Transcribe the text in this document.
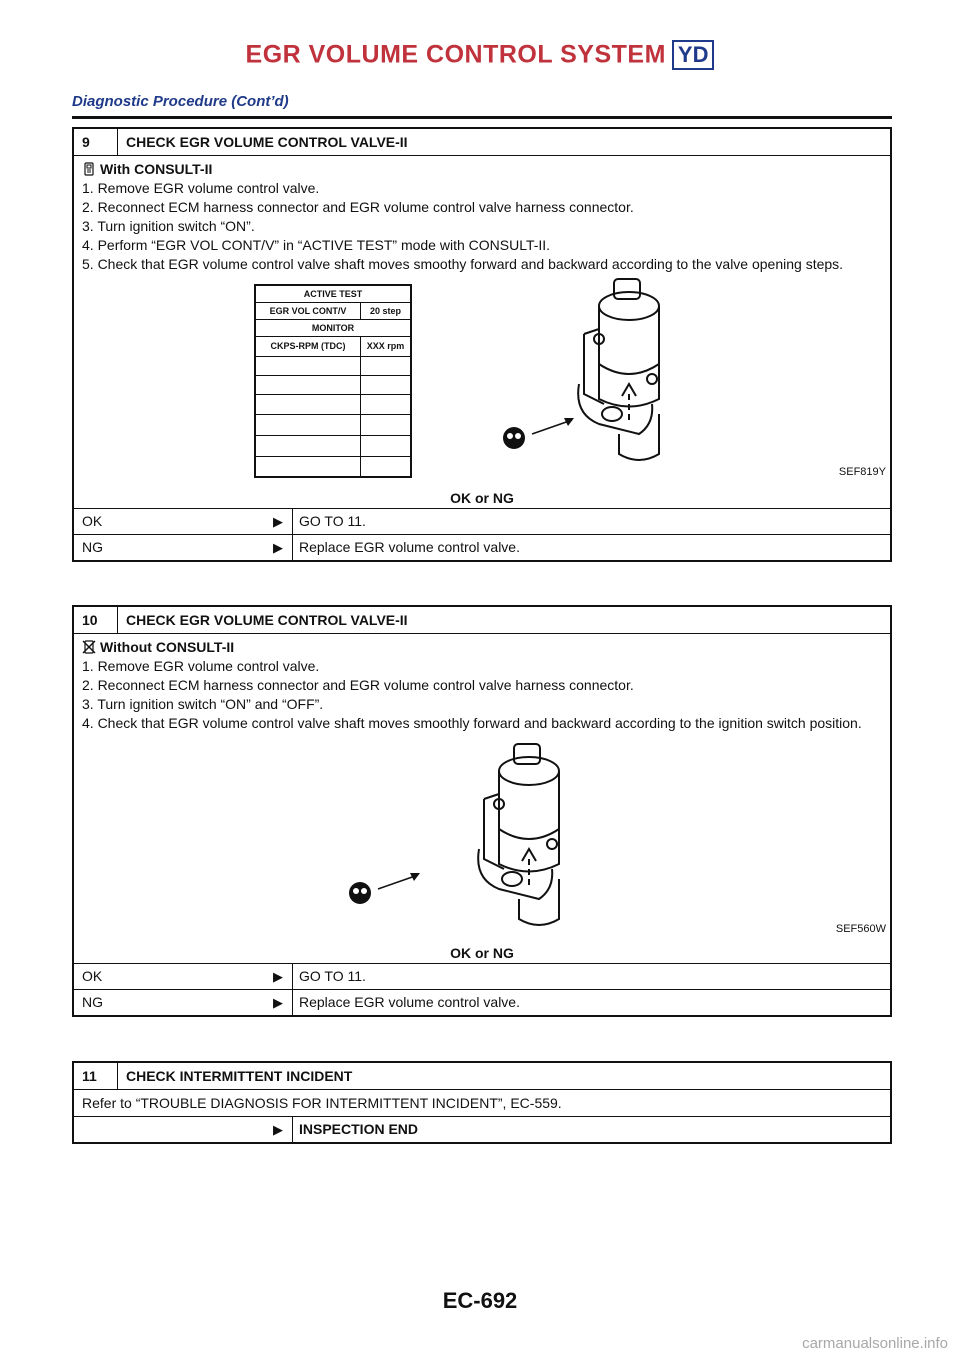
EGR VOLUME CONTROL SYSTEM YD
Diagnostic Procedure (Cont’d)
9	CHECK EGR VOLUME CONTROL VALVE-II
With CONSULT-II
1. Remove EGR volume control valve.
2. Reconnect ECM harness connector and EGR volume control valve harness connector.
3. Turn ignition switch “ON”.
4. Perform “EGR VOL CONT/V” in “ACTIVE TEST” mode with CONSULT-II.
5. Check that EGR volume control valve shaft moves smoothy forward and backward according to the valve opening steps.
ACTIVE TEST	
EGR VOL CONT/V	20 step
MONITOR	
CKPS-RPM (TDC)	XXX rpm

SEF819Y
OK or NG
OK	▶	GO TO 11.
NG	▶	Replace EGR volume control valve.
10	CHECK EGR VOLUME CONTROL VALVE-II
Without CONSULT-II
1. Remove EGR volume control valve.
2. Reconnect ECM harness connector and EGR volume control valve harness connector.
3. Turn ignition switch “ON” and “OFF”.
4. Check that EGR volume control valve shaft moves smoothly forward and backward according to the ignition switch position.
SEF560W
OK or NG
OK	▶	GO TO 11.
NG	▶	Replace EGR volume control valve.
11	CHECK INTERMITTENT INCIDENT
Refer to “TROUBLE DIAGNOSIS FOR INTERMITTENT INCIDENT”, EC-559.
▶	INSPECTION END
EC-692
carmanualsonline.info
